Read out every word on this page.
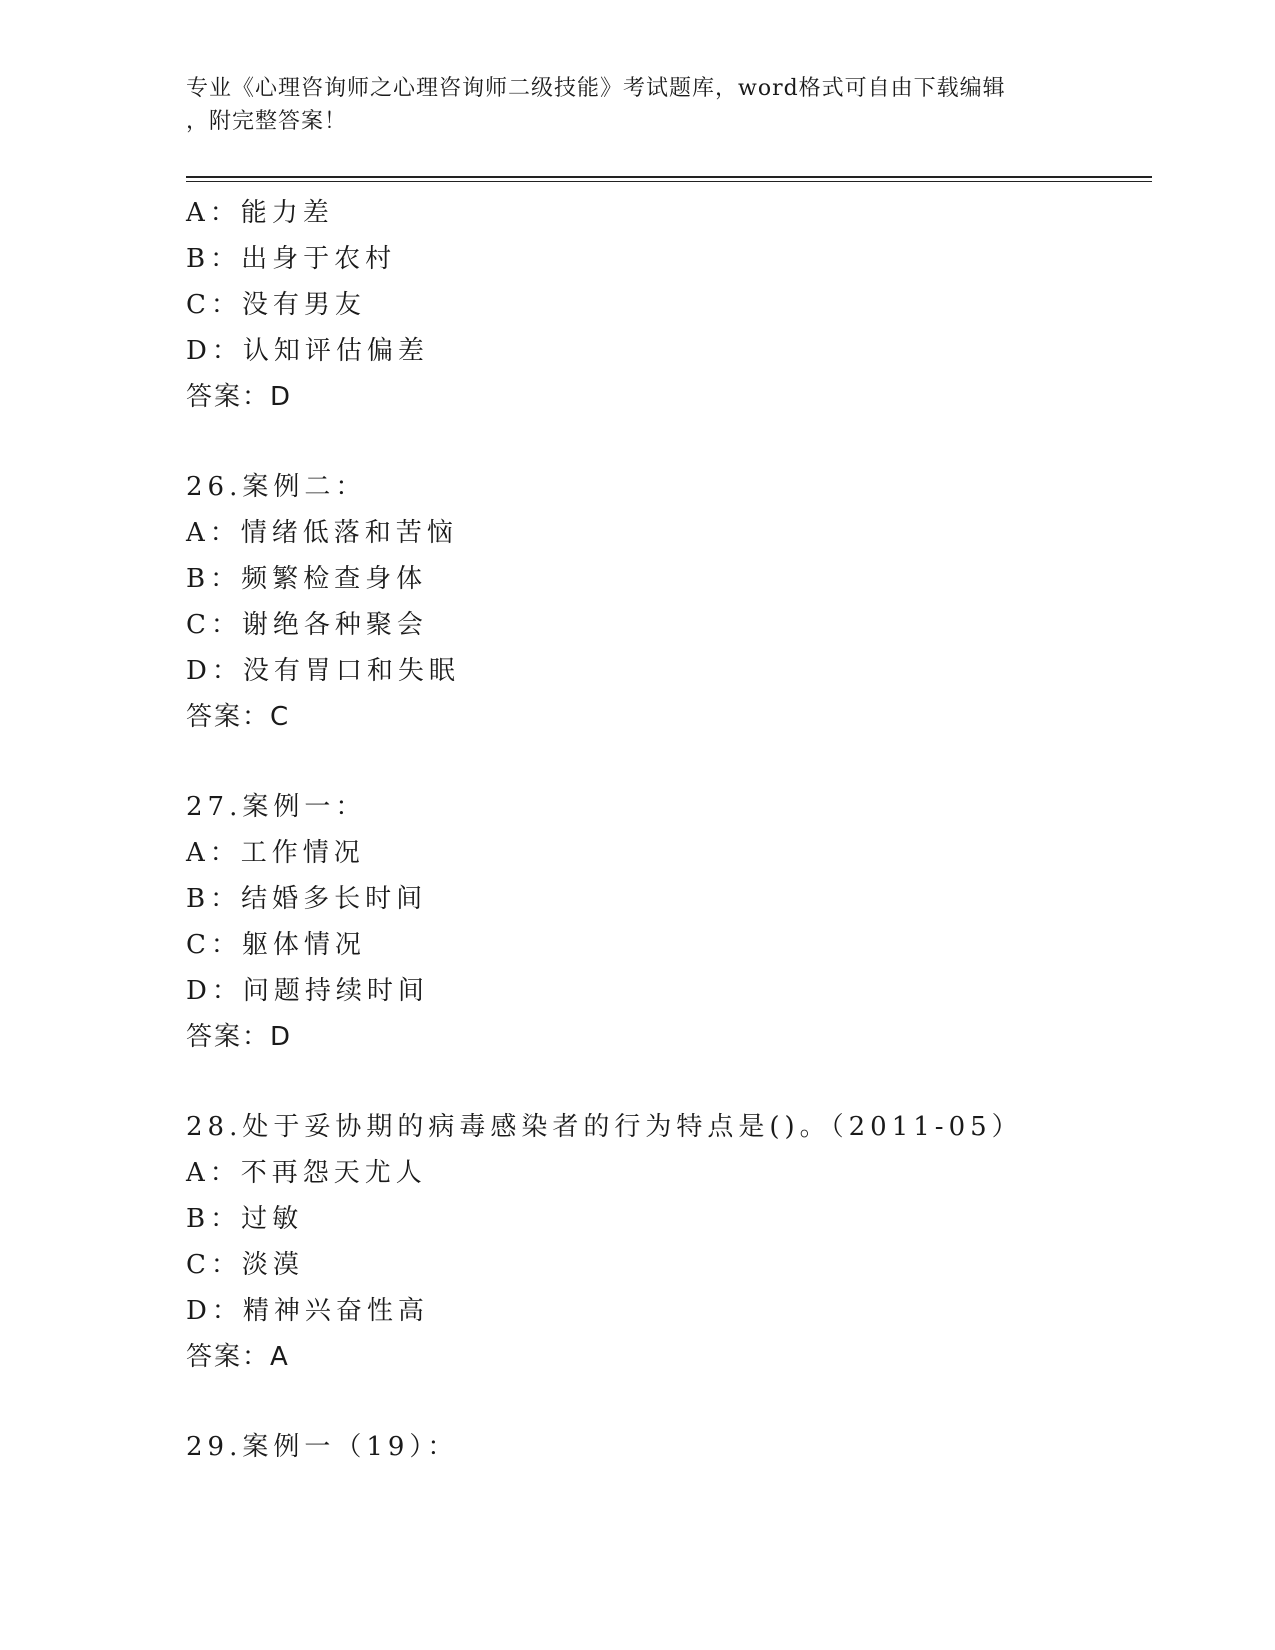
专业《心理咨询师之心理咨询师二级技能》考试题库，word格式可自由下载编辑
，附完整答案！
A：能力差
B：出身于农村
C：没有男友
D：认知评估偏差
答案：D
26.案例二：
A：情绪低落和苦恼
B：频繁检查身体
C：谢绝各种聚会
D：没有胃口和失眠
答案：C
27.案例一：
A：工作情况
B：结婚多长时间
C：躯体情况
D：问题持续时间
答案：D
28.处于妥协期的病毒感染者的行为特点是()。（2011-05）
A：不再怨天尤人
B：过敏
C：淡漠
D：精神兴奋性高
答案：A
29.案例一（19）：
